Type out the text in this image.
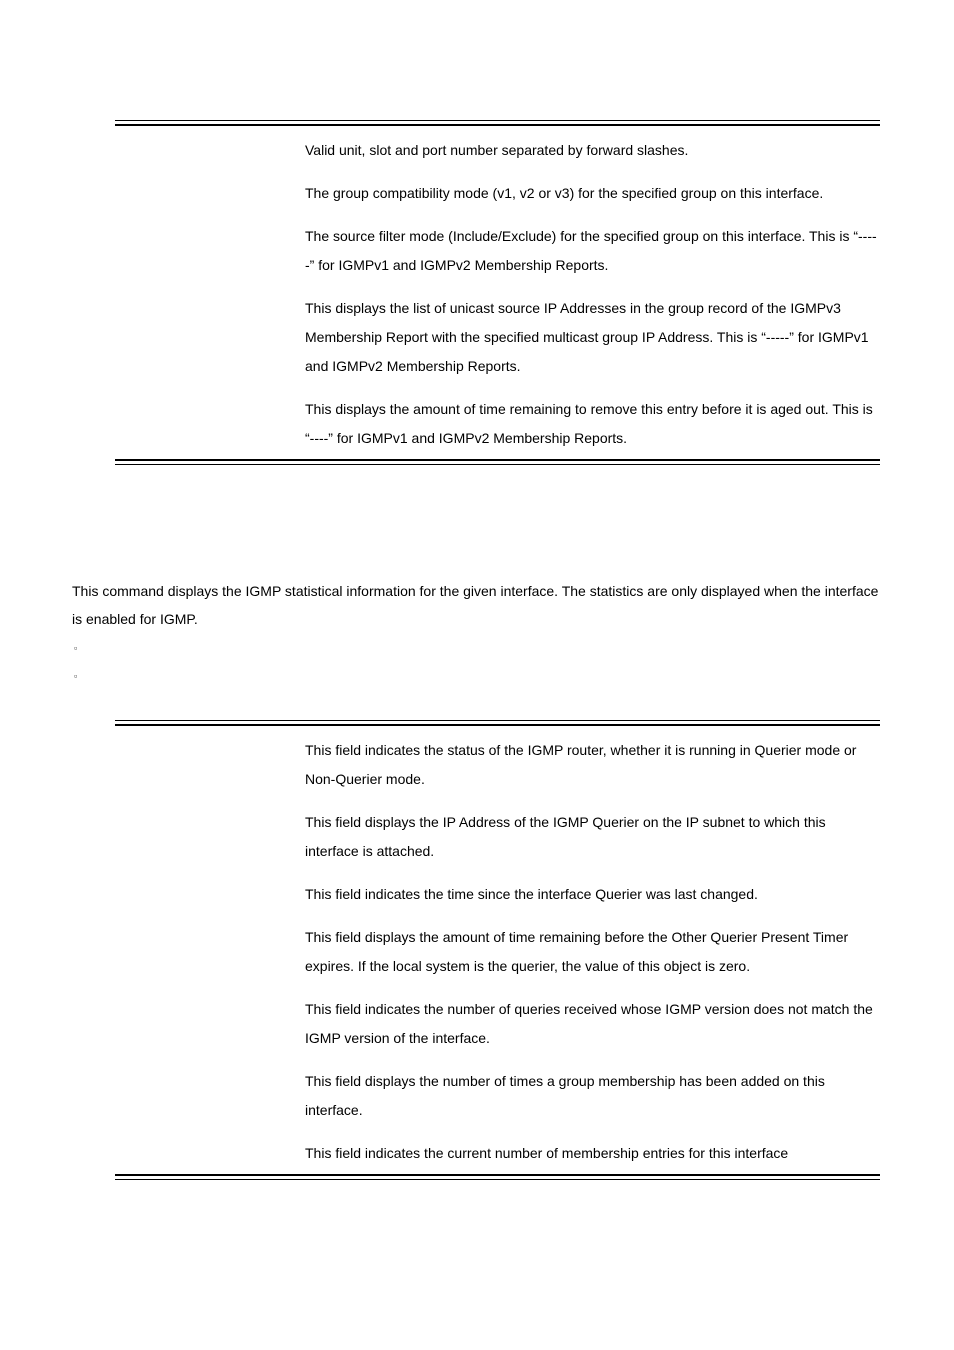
Valid unit, slot and port number separated by forward slashes.

The group compatibility mode (v1, v2 or v3) for the specified group on this interface.

The source filter mode (Include/Exclude) for the specified group on this interface. This is “-----” for IGMPv1 and IGMPv2 Membership Reports.

This displays the list of unicast source IP Addresses in the group record of the IGMPv3 Membership Report with the specified multicast group IP Address. This is “-----” for IGMPv1 and IGMPv2 Membership Reports.

This displays the amount of time remaining to remove this entry before it is aged out. This is “----” for IGMPv1 and IGMPv2 Membership Reports.

This command displays the IGMP statistical information for the given interface. The statistics are only displayed when the interface is enabled for IGMP.

▫
▫

This field indicates the status of the IGMP router, whether it is running in Querier mode or Non-Querier mode.

This field displays the IP Address of the IGMP Querier on the IP subnet to which this interface is attached.

This field indicates the time since the interface Querier was last changed.

This field displays the amount of time remaining before the Other Querier Present Timer expires. If the local system is the querier, the value of this object is zero.

This field indicates the number of queries received whose IGMP version does not match the IGMP version of the interface.

This field displays the number of times a group membership has been added on this interface.

This field indicates the current number of membership entries for this interface
